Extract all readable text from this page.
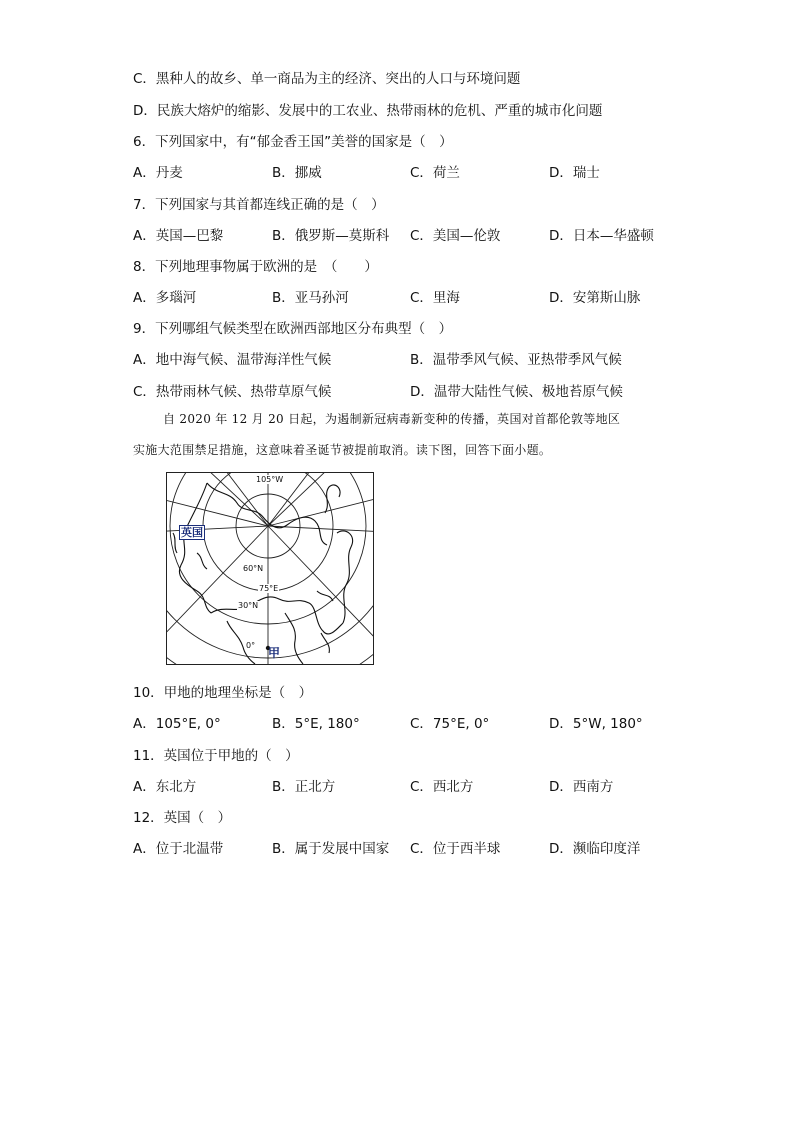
C．黑种人的故乡、单一商品为主的经济、突出的人口与环境问题
D．民族大熔炉的缩影、发展中的工农业、热带雨林的危机、严重的城市化问题
6．下列国家中，有“郁金香王国”美誉的国家是（　）
A．丹麦	B．挪威	C．荷兰	D．瑞士
7．下列国家与其首都连线正确的是（　）
A．英国—巴黎	B．俄罗斯—莫斯科 C．美国—伦敦	D．日本—华盛顿
8．下列地理事物属于欧洲的是　（　　）
A．多瑙河	B．亚马孙河	C．里海	D．安第斯山脉
9．下列哪组气候类型在欧洲西部地区分布典型（　）
A．地中海气候、温带海洋性气候	B．温带季风气候、亚热带季风气候
C．热带雨林气候、热带草原气候	D．温带大陆性气候、极地苔原气候
自 2020 年 12 月 20 日起，为遏制新冠病毒新变种的传播，英国对首都伦敦等地区
实施大范围禁足措施，这意味着圣诞节被提前取消。读下图，回答下面小题。
105°W
60°N
75°E
30°N
0°
英国
甲
10．甲地的地理坐标是（　）
A．105°E, 0°	B．5°E, 180°	C．75°E, 0°	D．5°W, 180°
11．英国位于甲地的（　）
A．东北方	B．正北方	C．西北方	D．西南方
12．英国（　）
A．位于北温带	B．属于发展中国家 C．位于西半球	D．濒临印度洋
